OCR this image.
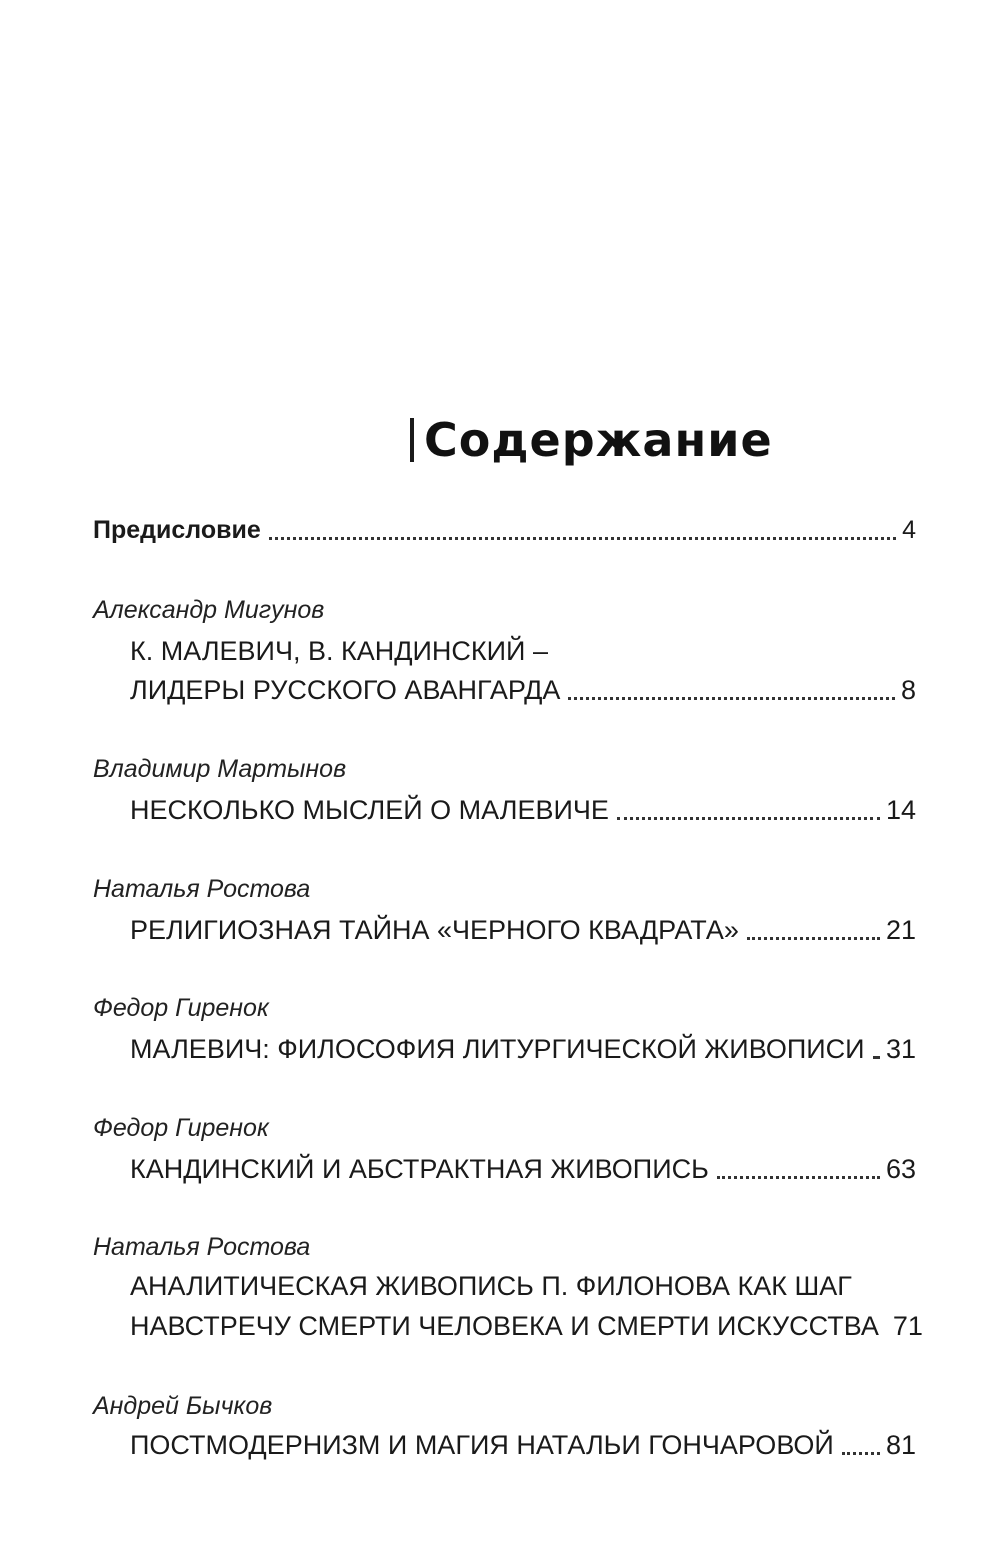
Содержание
Предисловие	4
Александр Мигунов
К. МАЛЕВИЧ, В. КАНДИНСКИЙ –
ЛИДЕРЫ РУССКОГО АВАНГАРДА	8
Владимир Мартынов
НЕСКОЛЬКО МЫСЛЕЙ О МАЛЕВИЧЕ	14
Наталья Ростова
РЕЛИГИОЗНАЯ ТАЙНА «ЧЕРНОГО КВАДРАТА»	21
Федор Гиренок
МАЛЕВИЧ: ФИЛОСОФИЯ ЛИТУРГИЧЕСКОЙ ЖИВОПИСИ 31
Федор Гиренок
КАНДИНСКИЙ И АБСТРАКТНАЯ ЖИВОПИСЬ	63
Наталья Ростова
АНАЛИТИЧЕСКАЯ ЖИВОПИСЬ П. ФИЛОНОВА КАК ШАГ
НАВСТРЕЧУ СМЕРТИ ЧЕЛОВЕКА И СМЕРТИ ИСКУССТВА 71
Андрей Бычков
ПОСТМОДЕРНИЗМ И МАГИЯ НАТАЛЬИ ГОНЧАРОВОЙ 81
